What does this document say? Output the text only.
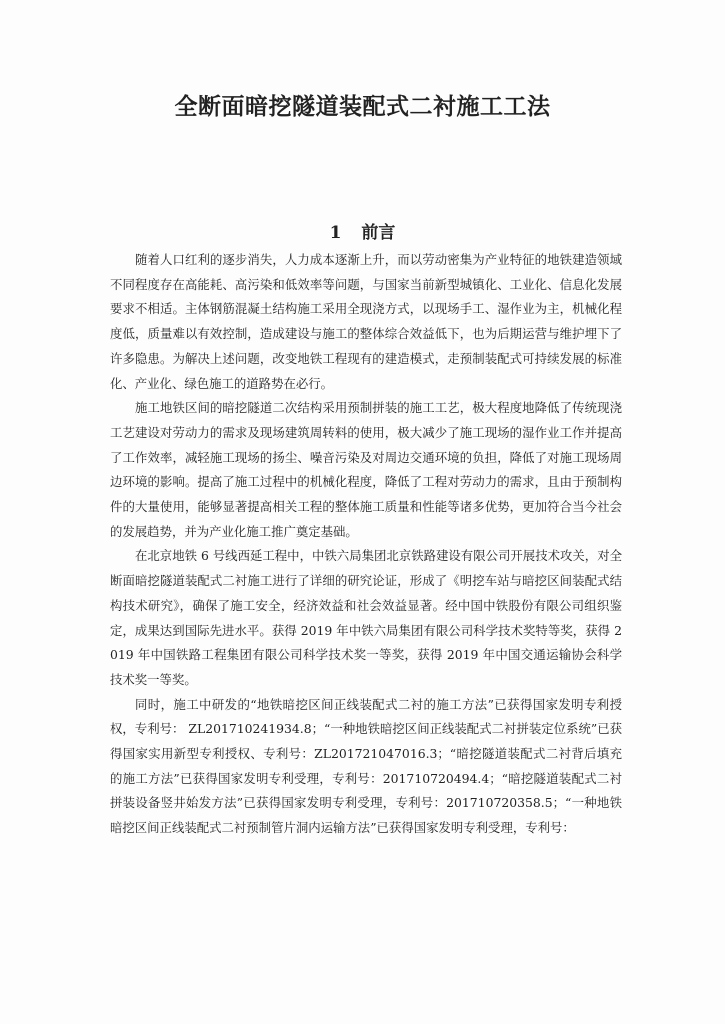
全断面暗挖隧道装配式二衬施工工法
1 前言

随着人口红利的逐步消失，人力成本逐渐上升，而以劳动密集为产业特征的地铁建造领域不同程度存在高能耗、高污染和低效率等问题，与国家当前新型城镇化、工业化、信息化发展要求不相适。主体钢筋混凝土结构施工采用全现浇方式，以现场手工、湿作业为主，机械化程度低，质量难以有效控制，造成建设与施工的整体综合效益低下，也为后期运营与维护埋下了许多隐患。为解决上述问题，改变地铁工程现有的建造模式，走预制装配式可持续发展的标准化、产业化、绿色施工的道路势在必行。

施工地铁区间的暗挖隧道二次结构采用预制拼装的施工工艺，极大程度地降低了传统现浇工艺建设对劳动力的需求及现场建筑周转料的使用，极大减少了施工现场的湿作业工作并提高了工作效率，减轻施工现场的扬尘、噪音污染及对周边交通环境的负担，降低了对施工现场周边环境的影响。提高了施工过程中的机械化程度，降低了工程对劳动力的需求，且由于预制构件的大量使用，能够显著提高相关工程的整体施工质量和性能等诸多优势，更加符合当今社会的发展趋势，并为产业化施工推广奠定基础。

在北京地铁 6 号线西延工程中，中铁六局集团北京铁路建设有限公司开展技术攻关，对全断面暗挖隧道装配式二衬施工进行了详细的研究论证，形成了《明挖车站与暗挖区间装配式结构技术研究》，确保了施工安全，经济效益和社会效益显著。经中国中铁股份有限公司组织鉴定，成果达到国际先进水平。获得 2019 年中铁六局集团有限公司科学技术奖特等奖，获得 2019 年中国铁路工程集团有限公司科学技术奖一等奖，获得 2019 年中国交通运输协会科学技术奖一等奖。

同时，施工中研发的“地铁暗挖区间正线装配式二衬的施工方法”已获得国家发明专利授权，专利号： ZL201710241934.8；“一种地铁暗挖区间正线装配式二衬拼装定位系统”已获得国家实用新型专利授权、专利号：ZL201721047016.3；“暗挖隧道装配式二衬背后填充的施工方法”已获得国家发明专利受理，专利号：201710720494.4；“暗挖隧道装配式二衬拼装设备竖井始发方法”已获得国家发明专利受理，专利号：201710720358.5；“一种地铁暗挖区间正线装配式二衬预制管片洞内运输方法”已获得国家发明专利受理，专利号：
